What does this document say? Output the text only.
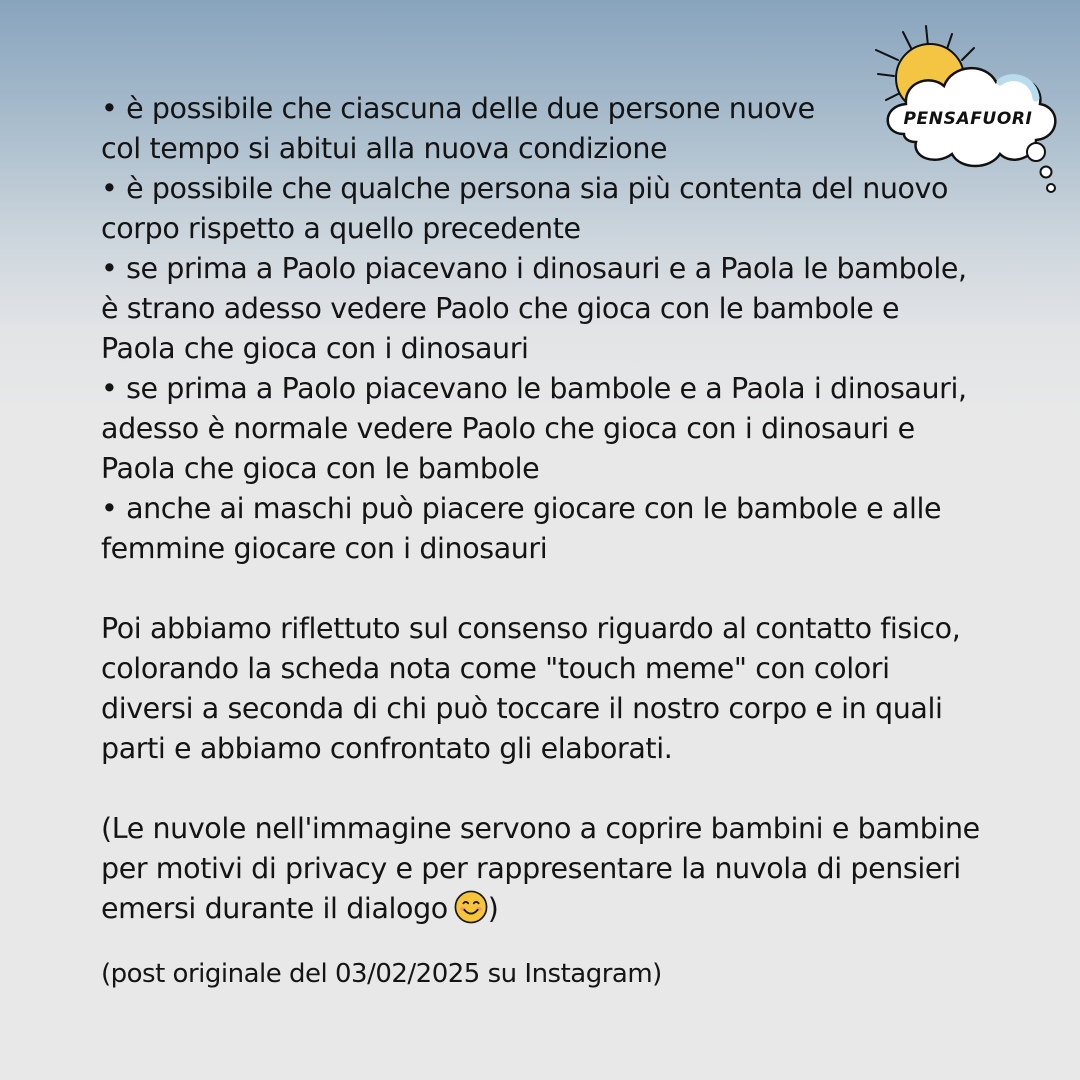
PENSAFUORI
• è possibile che ciascuna delle due persone nuove
col tempo si abitui alla nuova condizione
• è possibile che qualche persona sia più contenta del nuovo
corpo rispetto a quello precedente
• se prima a Paolo piacevano i dinosauri e a Paola le bambole,
è strano adesso vedere Paolo che gioca con le bambole e
Paola che gioca con i dinosauri
• se prima a Paolo piacevano le bambole e a Paola i dinosauri,
adesso è normale vedere Paolo che gioca con i dinosauri e
Paola che gioca con le bambole
• anche ai maschi può piacere giocare con le bambole e alle
femmine giocare con i dinosauri
Poi abbiamo riflettuto sul consenso riguardo al contatto fisico,
colorando la scheda nota come "touch meme" con colori
diversi a seconda di chi può toccare il nostro corpo e in quali
parti e abbiamo confrontato gli elaborati.
(Le nuvole nell'immagine servono a coprire bambini e bambine
per motivi di privacy e per rappresentare la nuvola di pensieri
emersi durante il dialogo )
(post originale del 03/02/2025 su Instagram)
